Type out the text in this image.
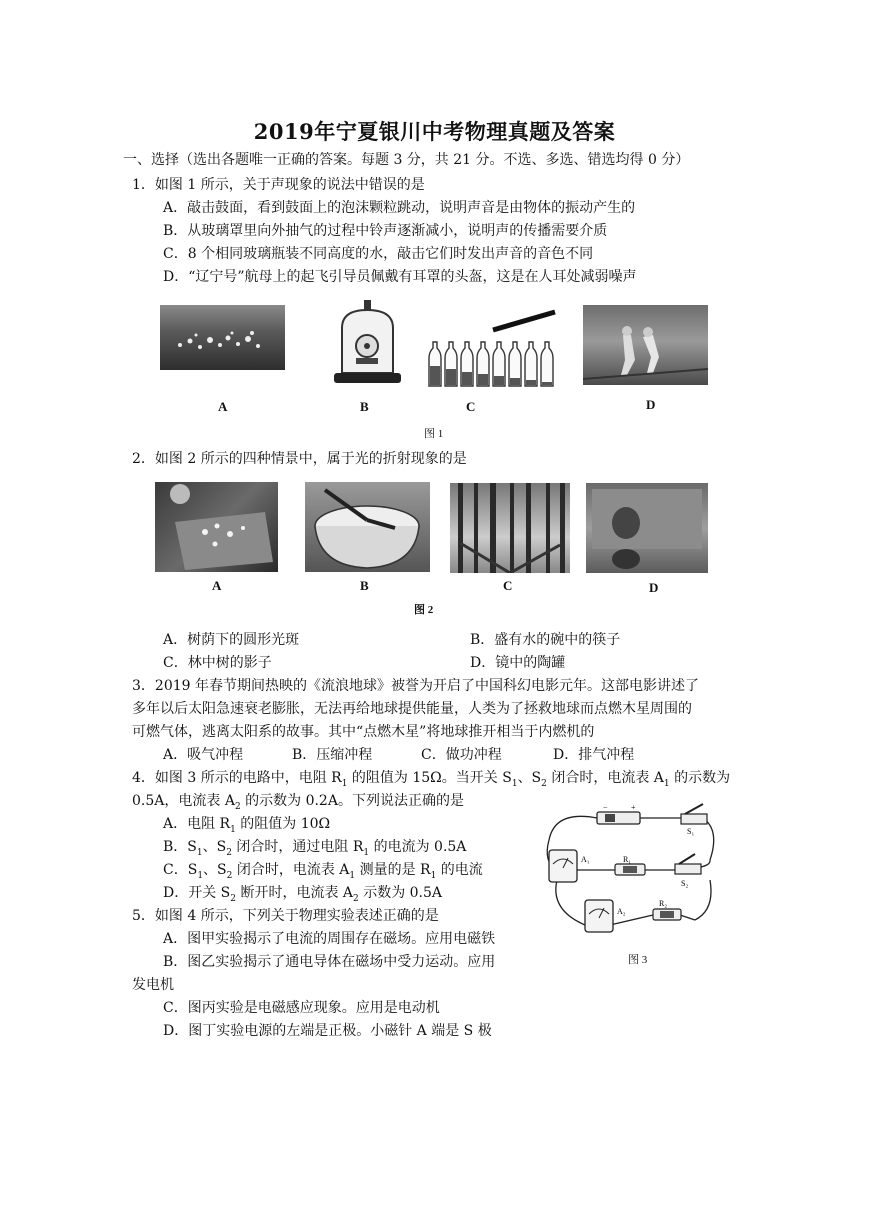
2019年宁夏银川中考物理真题及答案
一、选择（选出各题唯一正确的答案。每题 3 分，共 21 分。不选、多选、错选均得 0 分）
1．如图 1 所示，关于声现象的说法中错误的是
A．敲击鼓面，看到鼓面上的泡沫颗粒跳动，说明声音是由物体的振动产生的
B．从玻璃罩里向外抽气的过程中铃声逐渐减小，说明声的传播需要介质
C．8 个相同玻璃瓶装不同高度的水，敲击它们时发出声音的音色不同
D．“辽宁号”航母上的起飞引导员佩戴有耳罩的头盔，这是在人耳处减弱噪声
A	B	C	D
图 1
2．如图 2 所示的四种情景中，属于光的折射现象的是
A	B	C	D
图 2
A．树荫下的圆形光斑	B．盛有水的碗中的筷子
C．林中树的影子	D．镜中的陶罐
3．2019 年春节期间热映的《流浪地球》被誉为开启了中国科幻电影元年。这部电影讲述了
多年以后太阳急速衰老膨胀，无法再给地球提供能量，人类为了拯救地球而点燃木星周围的
可燃气体，逃离太阳系的故事。其中“点燃木星”将地球推开相当于内燃机的
A．吸气冲程	B．压缩冲程	C．做功冲程	D．排气冲程
4．如图 3 所示的电路中，电阻 $R_1$ 的阻值为 15Ω。当开关 $S_1$、$S_2$ 闭合时，电流表 $A_1$ 的示数为
0.5A，电流表 $A_2$ 的示数为 0.2A。下列说法正确的是
A．电阻 $R_1$ 的阻值为 10Ω
B．$S_1$、$S_2$ 闭合时，通过电阻 $R_1$ 的电流为 0.5A
C．$S_1$、$S_2$ 闭合时，电流表 $A_1$ 测量的是 $R_1$ 的电流
D．开关 $S_2$ 断开时，电流表 $A_2$ 示数为 0.5A
−	+
S₁
A₁	R₁
S₂
A₂
R₂
图 3
5．如图 4 所示，下列关于物理实验表述正确的是
A．图甲实验揭示了电流的周围存在磁场。应用电磁铁
B．图乙实验揭示了通电导体在磁场中受力运动。应用
发电机
C．图丙实验是电磁感应现象。应用是电动机
D．图丁实验电源的左端是正极。小磁针 A 端是 S 极
